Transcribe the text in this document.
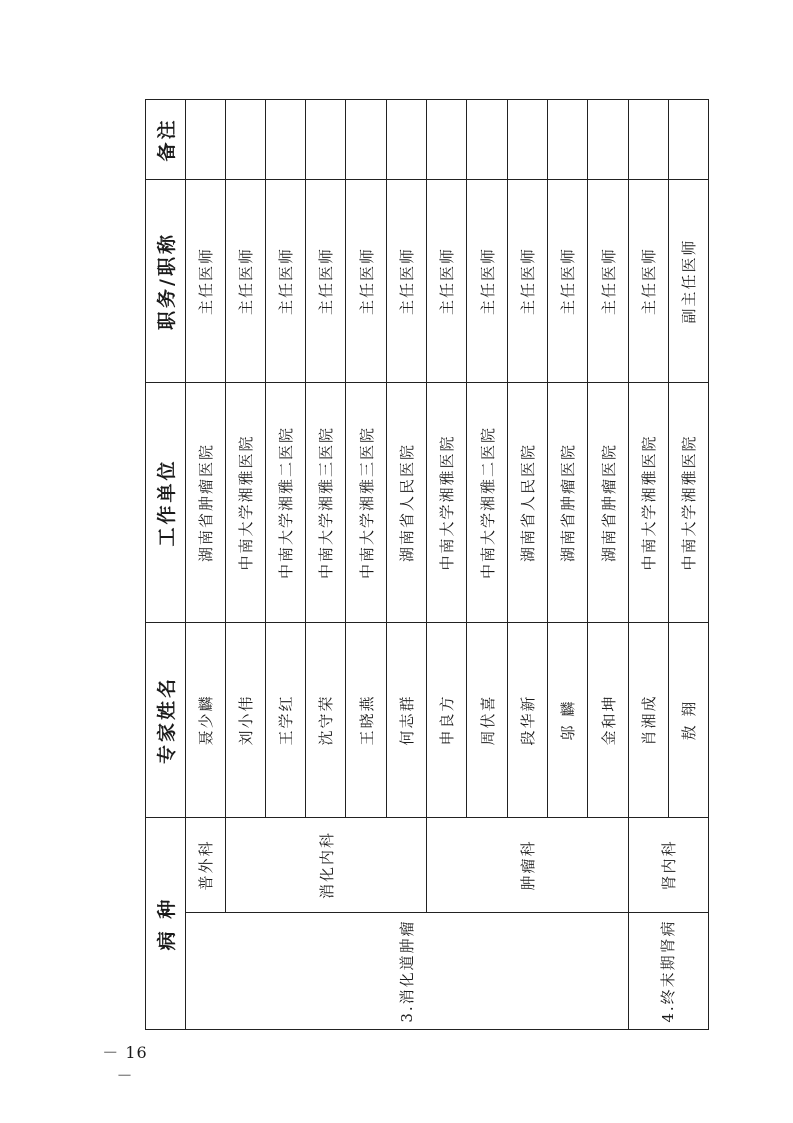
－ 16 －
病 种		专家姓名	工作单位	职务/职称	备注
3.消化道肿瘤	普外科	聂少麟	湖南省肿瘤医院	主任医师	
	消化内科	刘小伟	中南大学湘雅医院	主任医师	
		王学红	中南大学湘雅二医院	主任医师	
		沈守荣	中南大学湘雅三医院	主任医师	
		王晓燕	中南大学湘雅三医院	主任医师	
		何志群	湖南省人民医院	主任医师	
	肿瘤科	申良方	中南大学湘雅医院	主任医师	
		周伏喜	中南大学湘雅二医院	主任医师	
		段华新	湖南省人民医院	主任医师	
		邬 麟	湖南省肿瘤医院	主任医师	
		金和坤	湖南省肿瘤医院	主任医师	
4.终末期肾病	肾内科	肖湘成	中南大学湘雅医院	主任医师	
		敖 翔	中南大学湘雅医院	副主任医师	
